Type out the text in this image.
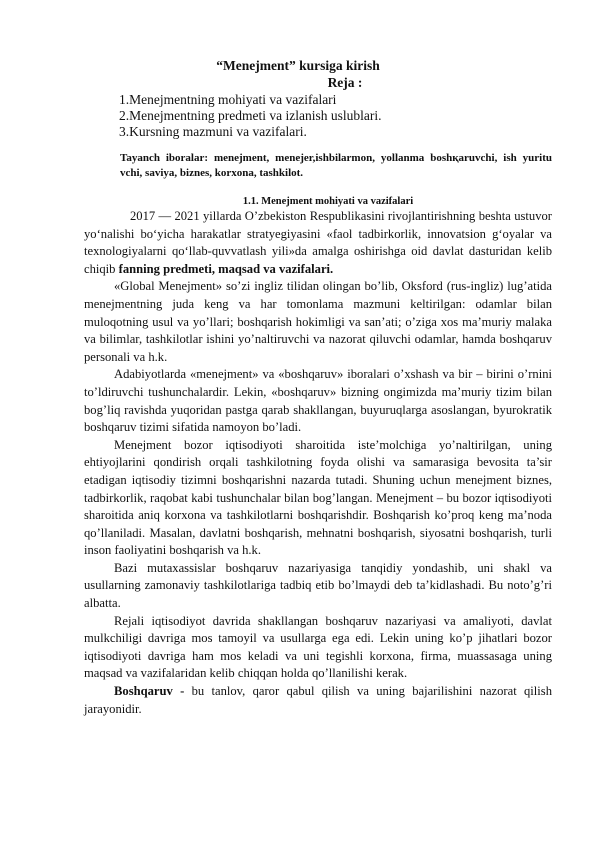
“Menejment” kursiga kirish
Reja :
1.Menejmentning mohiyati va vazifalari
2.Menejmentning predmeti va izlanish uslublari.
3.Kursning mazmuni va vazifalari.
Tayanch iboralar: menejment, menejer,ishbilarmon, yollanma boshқaruvchi, ish yuritu vchi, saviya, biznes, korxona, tashkilot.
1.1. Menejment mohiyati va vazifalari

2017 — 2021 yillarda O’zbekiston Respublikasini rivojlantirishning beshta ustuvor yo‘nalishi bo‘yicha harakatlar stratyegiyasini «faol tadbirkorlik, innovatsion g‘oyalar va texnologiyalarni qo‘llab-quvvatlash yili»da amalga oshirishga oid davlat dasturidan kelib chiqib fanning predmeti, maqsad va vazifalari.

«Global Menejment» so’zi ingliz tilidan olingan bo’lib, Oksford (rus-ingliz) lug’atida menejmentning juda keng va har tomonlama mazmuni keltirilgan: odamlar bilan muloqotning usul va yo’llari; boshqarish hokimligi va san’ati; o’ziga xos ma’muriy malaka va bilimlar, tashkilotlar ishini yo’naltiruvchi va nazorat qiluvchi odamlar, hamda boshqaruv personali va h.k.

Adabiyotlarda «menejment» va «boshqaruv» iboralari o’xshash va bir – birini o’rnini to’ldiruvchi tushunchalardir. Lekin, «boshqaruv» bizning ongimizda ma’muriy tizim bilan bog’liq ravishda yuqoridan pastga qarab shakllangan, buyuruqlarga asoslangan, byurokratik boshqaruv tizimi sifatida namoyon bo’ladi.

Menejment bozor iqtisodiyoti sharoitida iste’molchiga yo’naltirilgan, uning ehtiyojlarini qondirish orqali tashkilotning foyda olishi va samarasiga bevosita ta’sir etadigan iqtisodiy tizimni boshqarishni nazarda tutadi. Shuning uchun menejment biznes, tadbirkorlik, raqobat kabi tushunchalar bilan bog’langan. Menejment – bu bozor iqtisodiyoti sharoitida aniq korxona va tashkilotlarni boshqarishdir. Boshqarish ko’proq keng ma’noda qo’llaniladi. Masalan, davlatni boshqarish, mehnatni boshqarish, siyosatni boshqarish, turli inson faoliyatini boshqarish va h.k.

Bazi mutaxassislar boshqaruv nazariyasiga tanqidiy yondashib, uni shakl va usullarning zamonaviy tashkilotlariga tadbiq etib bo’lmaydi deb ta’kidlashadi. Bu noto’g’ri albatta.

Rejali iqtisodiyot davrida shakllangan boshqaruv nazariyasi va amaliyoti, davlat mulkchiligi davriga mos tamoyil va usullarga ega edi. Lekin uning ko’p jihatlari bozor iqtisodiyoti davriga ham mos keladi va uni tegishli korxona, firma, muassasaga uning maqsad va vazifalaridan kelib chiqqan holda qo’llanilishi kerak.

Boshqaruv - bu tanlov, qaror qabul qilish va uning bajarilishini nazorat qilish jarayonidir.
